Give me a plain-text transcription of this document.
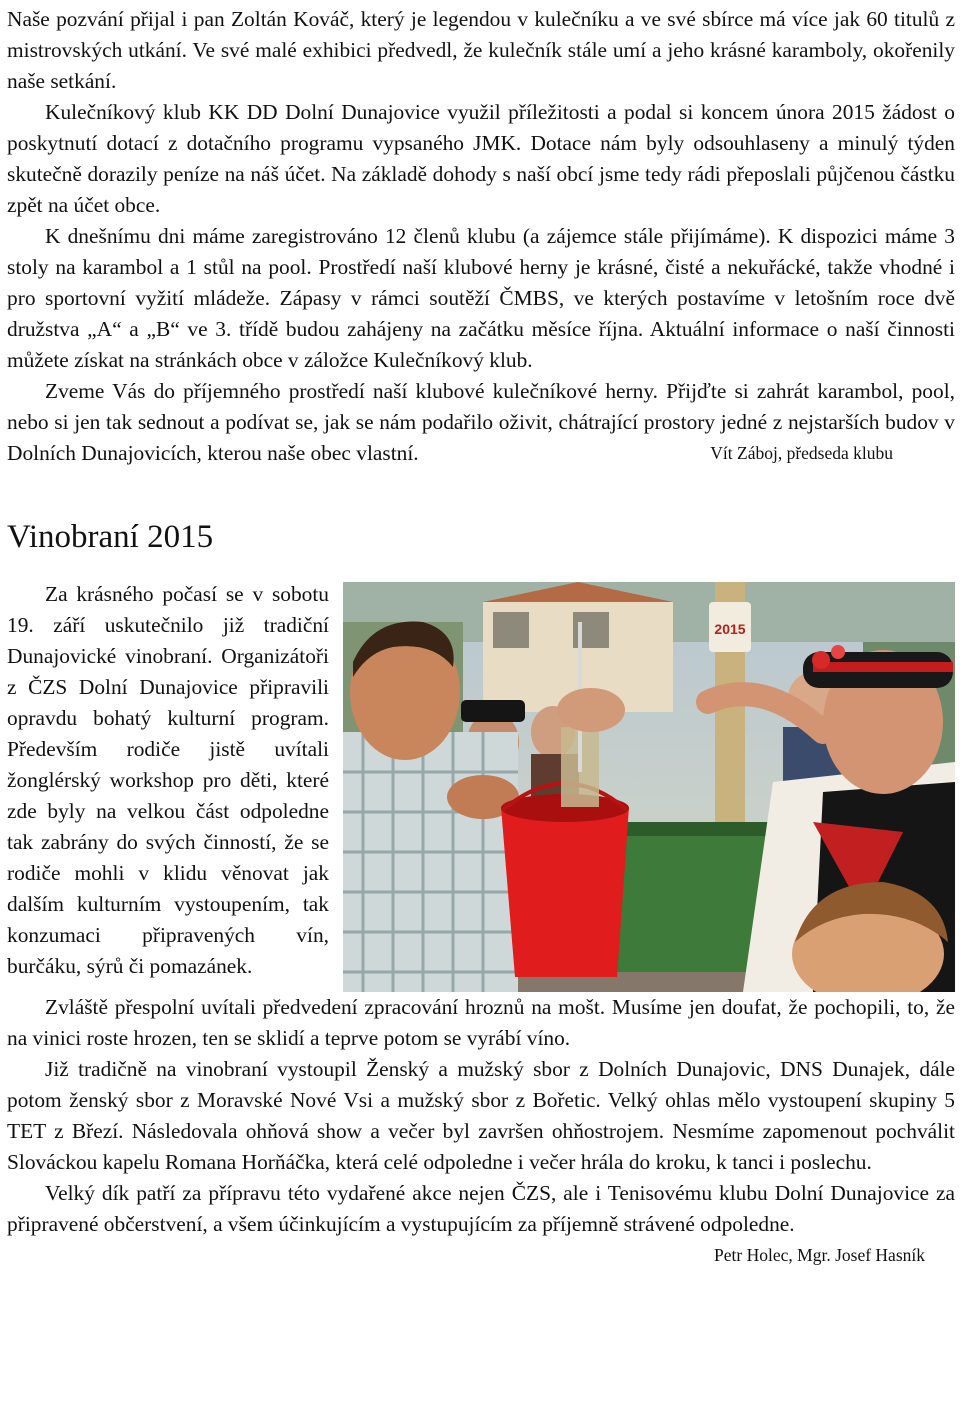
Naše pozvání přijal i pan Zoltán Kováč, který je legendou v kulečníku a ve své sbírce má více jak 60 titulů z mistrovských utkání. Ve své malé exhibici předvedl, že kulečník stále umí a jeho krásné karamboly, okořenily naše setkání.

Kulečníkový klub KK DD Dolní Dunajovice využil příležitosti a podal si koncem února 2015 žádost o poskytnutí dotací z dotačního programu vypsaného JMK. Dotace nám byly odsouhlaseny a minulý týden skutečně dorazily peníze na náš účet. Na základě dohody s naší obcí jsme tedy rádi přeposlali půjčenou částku zpět na účet obce.

K dnešnímu dni máme zaregistrováno 12 členů klubu (a zájemce stále přijímáme). K dispozici máme 3 stoly na karambol a 1 stůl na pool. Prostředí naší klubové herny je krásné, čisté a nekuřácké, takže vhodné i pro sportovní vyžití mládeže. Zápasy v rámci soutěží ČMBS, ve kterých postavíme v letošním roce dvě družstva „A“ a „B“ ve 3. třídě budou zahájeny na začátku měsíce října. Aktuální informace o naší činnosti můžete získat na stránkách obce v záložce Kulečníkový klub.

Zveme Vás do příjemného prostředí naší klubové kulečníkové herny. Přijďte si zahrát karambol, pool, nebo si jen tak sednout a podívat se, jak se nám podařilo oživit, chátrající prostory jedné z nejstarších budov v Dolních Dunajovicích, kterou naše obec vlastní.	Vít Záboj, předseda klubu

Vinobraní 2015
2015

Za krásného počasí se v sobotu 19. září uskutečnilo již tradiční Dunajovické vinobraní. Organizátoři z ČZS Dolní Dunajovice připravili opravdu bohatý kulturní program. Především rodiče jistě uvítali žonglérský workshop pro děti, které zde byly na velkou část odpoledne tak zabrány do svých činností, že se rodiče mohli v klidu věnovat jak dalším kulturním vystoupením, tak konzumaci připravených vín, burčáku, sýrů či pomazánek.

Zvláště přespolní uvítali předvedení zpracování hroznů na mošt. Musíme jen doufat, že pochopili, to, že na vinici roste hrozen, ten se sklidí a teprve potom se vyrábí víno.

Již tradičně na vinobraní vystoupil Ženský a mužský sbor z Dolních Dunajovic, DNS Dunajek, dále potom ženský sbor z Moravské Nové Vsi a mužský sbor z Bořetic. Velký ohlas mělo vystoupení skupiny 5 TET z Březí. Následovala ohňová show a večer byl završen ohňostrojem. Nesmíme zapomenout pochválit Slováckou kapelu Romana Horňáčka, která celé odpoledne i večer hrála do kroku, k tanci i poslechu.

Velký dík patří za přípravu této vydařené akce nejen ČZS, ale i Tenisovému klubu Dolní Dunajovice za připravené občerstvení, a všem účinkujícím a vystupujícím za příjemně strávené odpoledne.
Petr Holec, Mgr. Josef Hasník
